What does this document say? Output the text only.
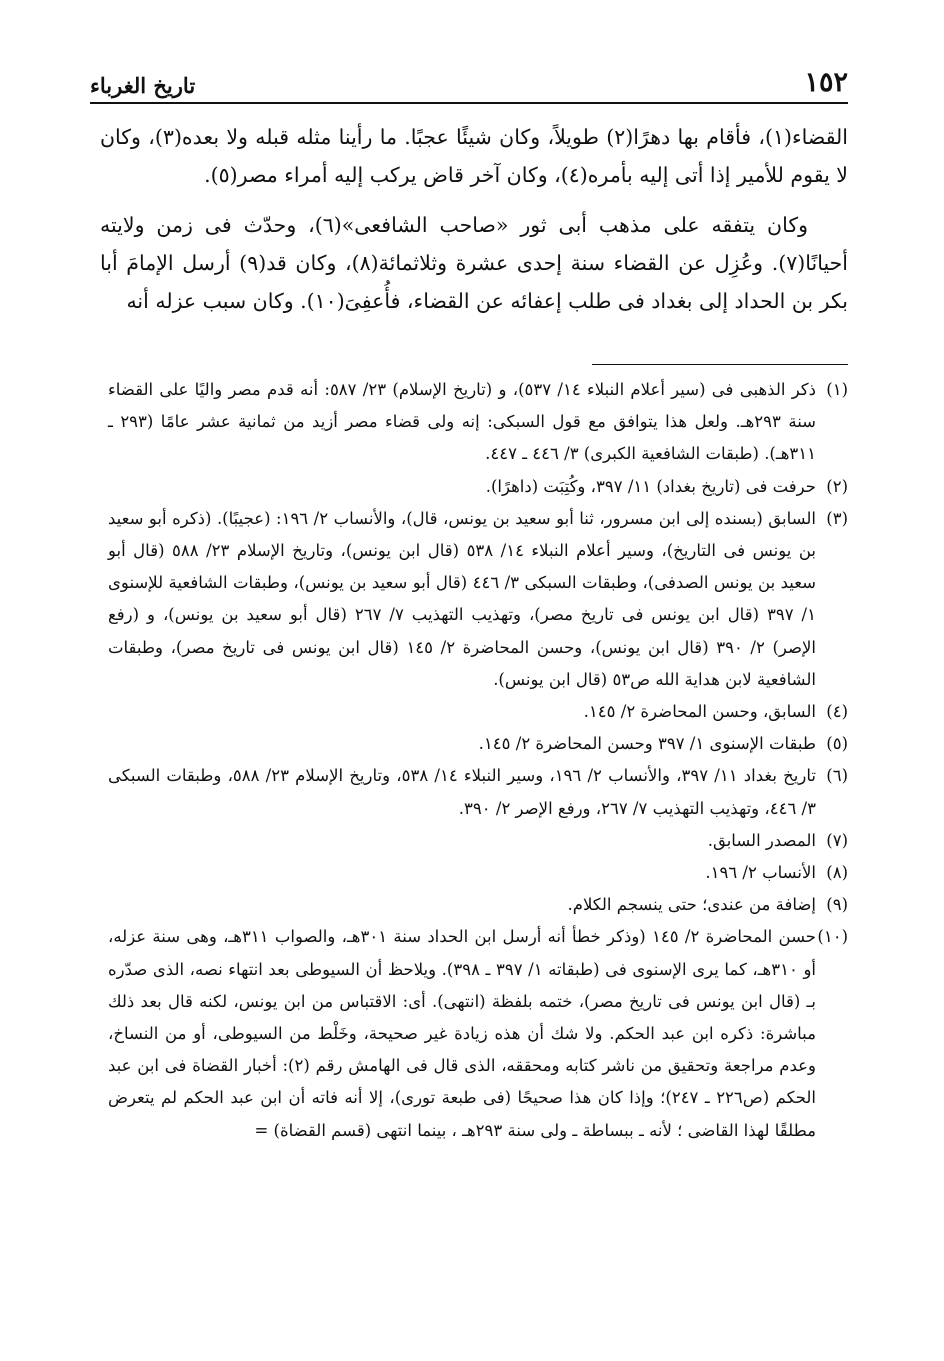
١٥٢
تاريخ الغرباء

القضاء(١)، فأقام بها دهرًا(٢) طويلاً، وكان شيئًا عجبًا. ما رأينا مثله قبله ولا بعده(٣)، وكان لا يقوم للأمير إذا أتى إليه بأمره(٤)، وكان آخر قاض يركب إليه أمراء مصر(٥).

وكان يتفقه على مذهب أبى ثور «صاحب الشافعى»(٦)، وحدّث فى زمن ولايته أحيانًا(٧). وعُزِل عن القضاء سنة إحدى عشرة وثلاثمائة(٨)، وكان قد(٩) أرسل الإمامَ أبا بكر بن الحداد إلى بغداد فى طلب إعفائه عن القضاء، فأُعفِىَ(١٠). وكان سبب عزله أنه

(١)
ذكر الذهبى فى (سير أعلام النبلاء ١٤/ ٥٣٧)، و (تاريخ الإسلام) ٢٣/ ٥٨٧: أنه قدم مصر واليًا على القضاء سنة ٢٩٣هـ. ولعل هذا يتوافق مع قول السبكى: إنه ولى قضاء مصر أزيد من ثمانية عشر عامًا (٢٩٣ ـ ٣١١هـ). (طبقات الشافعية الكبرى) ٣/ ٤٤٦ ـ ٤٤٧.
(٢)
حرفت فى (تاريخ بغداد) ١١/ ٣٩٧، وكُتِبَت (داهرًا).
(٣)
السابق (بسنده إلى ابن مسرور، ثنا أبو سعيد بن يونس، قال)، والأنساب ٢/ ١٩٦: (عجيبًا). (ذكره أبو سعيد بن يونس فى التاريخ)، وسير أعلام النبلاء ١٤/ ٥٣٨ (قال ابن يونس)، وتاريخ الإسلام ٢٣/ ٥٨٨ (قال أبو سعيد بن يونس الصدفى)، وطبقات السبكى ٣/ ٤٤٦ (قال أبو سعيد بن يونس)، وطبقات الشافعية للإسنوى ١/ ٣٩٧ (قال ابن يونس فى تاريخ مصر)، وتهذيب التهذيب ٧/ ٢٦٧ (قال أبو سعيد بن يونس)، و (رفع الإصر) ٢/ ٣٩٠ (قال ابن يونس)، وحسن المحاضرة ٢/ ١٤٥ (قال ابن يونس فى تاريخ مصر)، وطبقات الشافعية لابن هداية الله ص٥٣ (قال ابن يونس).
(٤)
السابق، وحسن المحاضرة ٢/ ١٤٥.
(٥)
طبقات الإسنوى ١/ ٣٩٧ وحسن المحاضرة ٢/ ١٤٥.
(٦)
تاريخ بغداد ١١/ ٣٩٧، والأنساب ٢/ ١٩٦، وسير النبلاء ١٤/ ٥٣٨، وتاريخ الإسلام ٢٣/ ٥٨٨، وطبقات السبكى ٣/ ٤٤٦، وتهذيب التهذيب ٧/ ٢٦٧، ورفع الإصر ٢/ ٣٩٠.
(٧)
المصدر السابق.
(٨)
الأنساب ٢/ ١٩٦.
(٩)
إضافة من عندى؛ حتى ينسجم الكلام.
(١٠)
حسن المحاضرة ٢/ ١٤٥ (وذكر خطأ أنه أرسل ابن الحداد سنة ٣٠١هـ، والصواب ٣١١هـ، وهى سنة عزله، أو ٣١٠هـ، كما يرى الإسنوى فى (طبقاته ١/ ٣٩٧ ـ ٣٩٨). ويلاحظ أن السيوطى بعد انتهاء نصه، الذى صدّره بـ (قال ابن يونس فى تاريخ مصر)، ختمه بلفظة (انتهى). أى: الاقتباس من ابن يونس، لكنه قال بعد ذلك مباشرة: ذكره ابن عبد الحكم. ولا شك أن هذه زيادة غير صحيحة، وخَلْط من السيوطى، أو من النساخ، وعدم مراجعة وتحقيق من ناشر كتابه ومحققه، الذى قال فى الهامش رقم (٢): أخبار القضاة فى ابن عبد الحكم (ص٢٢٦ ـ ٢٤٧)؛ وإذا كان هذا صحيحًا (فى طبعة تورى)، إلا أنه فاته أن ابن عبد الحكم لم يتعرض مطلقًا لهذا القاضى ؛ لأنه ـ ببساطة ـ ولى سنة ٢٩٣هـ ، بينما انتهى (قسم القضاة) =
